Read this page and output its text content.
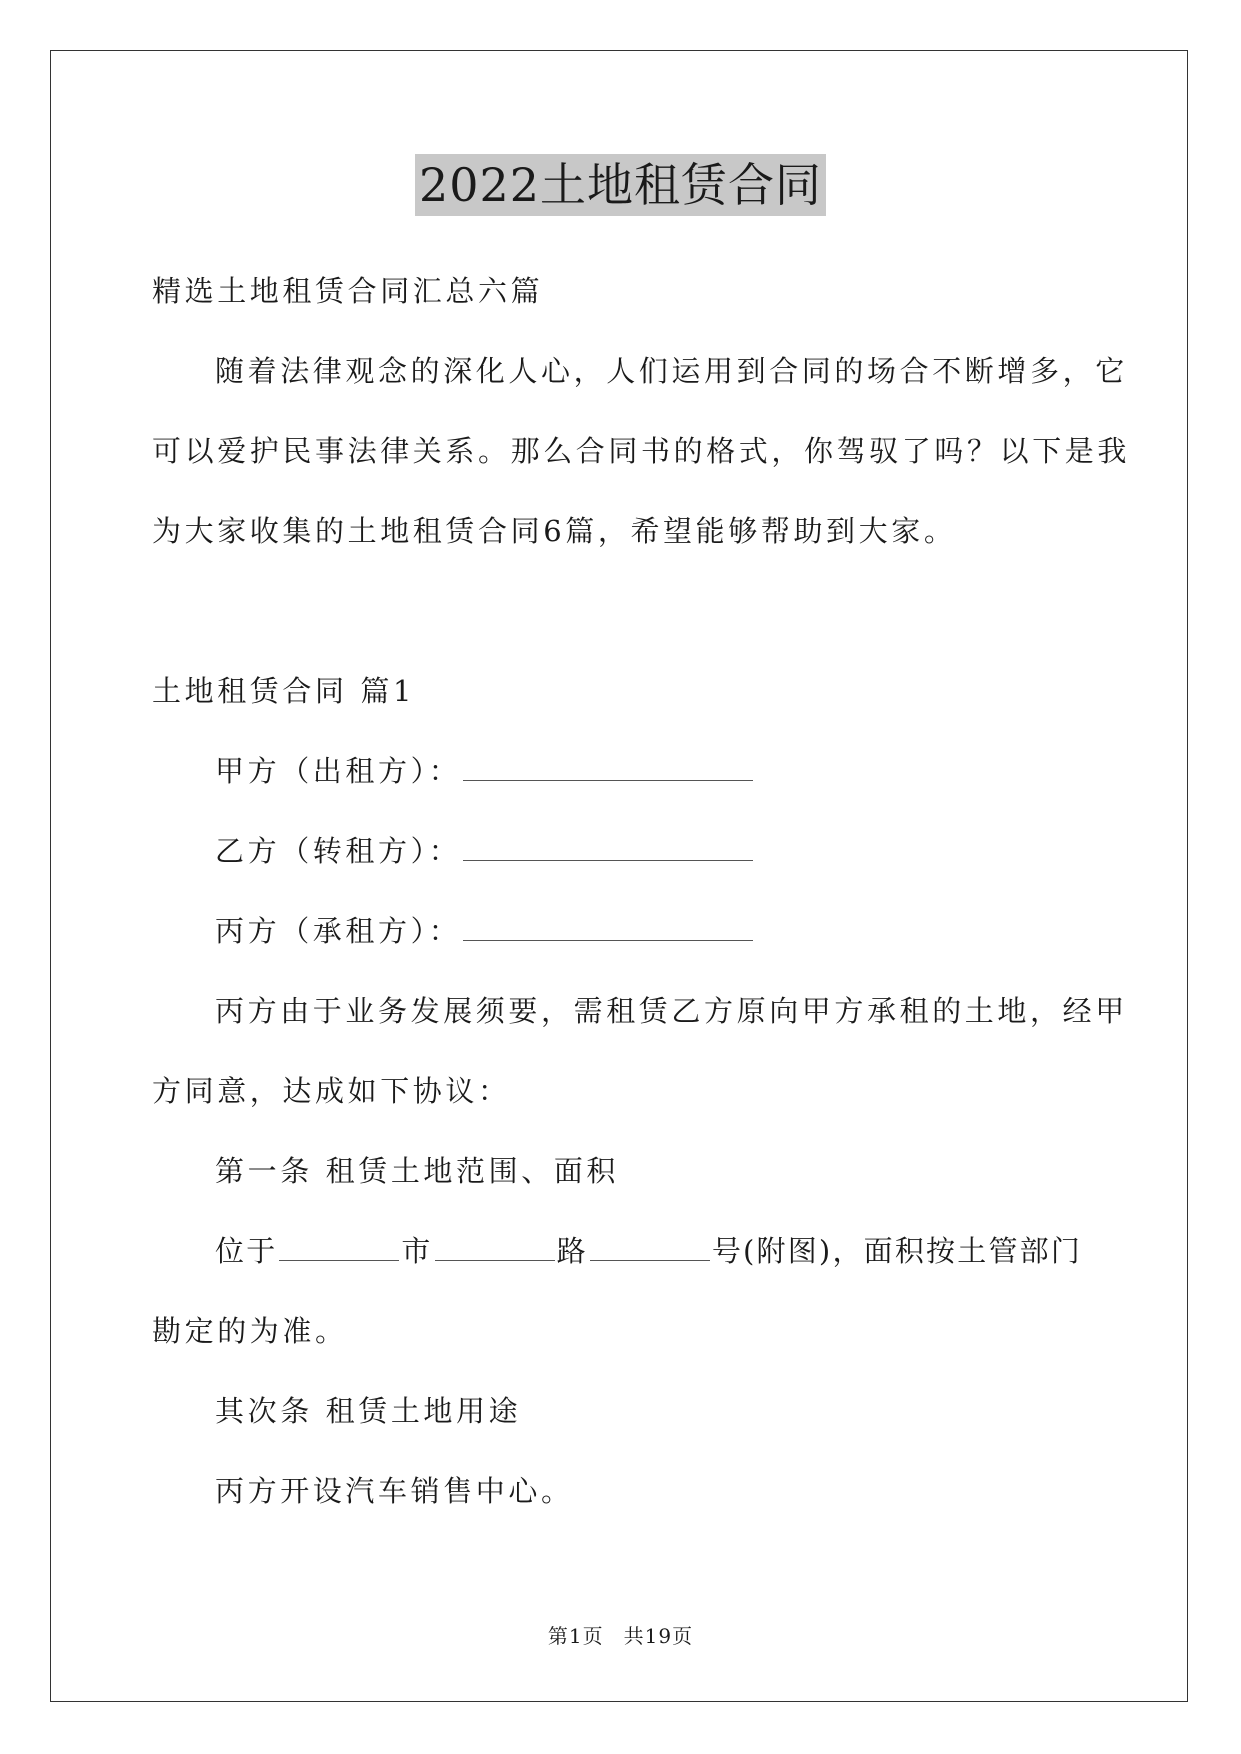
2022土地租赁合同
精选土地租赁合同汇总六篇
随着法律观念的深化人心，人们运用到合同的场合不断增多，它
可以爱护民事法律关系。那么合同书的格式，你驾驭了吗？以下是我
为大家收集的土地租赁合同6篇，希望能够帮助到大家。
土地租赁合同 篇1
甲方（出租方）：
乙方（转租方）：
丙方（承租方）：
丙方由于业务发展须要，需租赁乙方原向甲方承租的土地，经甲
方同意，达成如下协议：
第一条 租赁土地范围、面积
位于	市	路	号(附图)，面积按土管部门
勘定的为准。
其次条 租赁土地用途
丙方开设汽车销售中心。
第1页 共19页
